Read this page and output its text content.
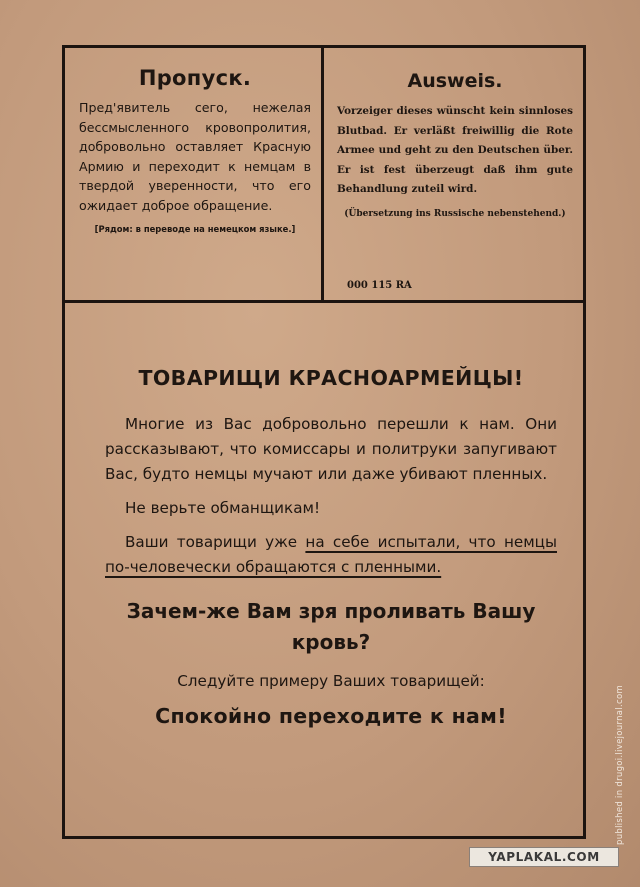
Пропуск.

Пред'явитель сего, нежелая бессмысленного кровопролития, добровольно оставляет Красную Армию и переходит к немцам в твердой уверенности, что его ожидает доброе обращение.

[Рядом: в переводе на немецком языке.]
Ausweis.

Vorzeiger dieses wünscht kein sinnloses Blutbad. Er verläßt freiwillig die Rote Armee und geht zu den Deutschen über. Er ist fest überzeugt daß ihm gute Behandlung zuteil wird.

(Übersetzung ins Russische nebenstehend.)
000 115 RA
ТОВАРИЩИ КРАСНОАРМЕЙЦЫ!

Многие из Вас добровольно перешли к нам. Они рассказывают, что комиссары и политруки запугивают Вас, будто немцы мучают или даже убивают пленных.

Не верьте обманщикам!

Ваши товарищи уже на себе испытали, что немцы по-человечески обращаются с пленными.

Зачем-же Вам зря проливать Вашу кровь?
Следуйте примеру Ваших товарищей:
Спокойно переходите к нам!	published in drugoi.livejournal.com
YAPLAKAL.COM
